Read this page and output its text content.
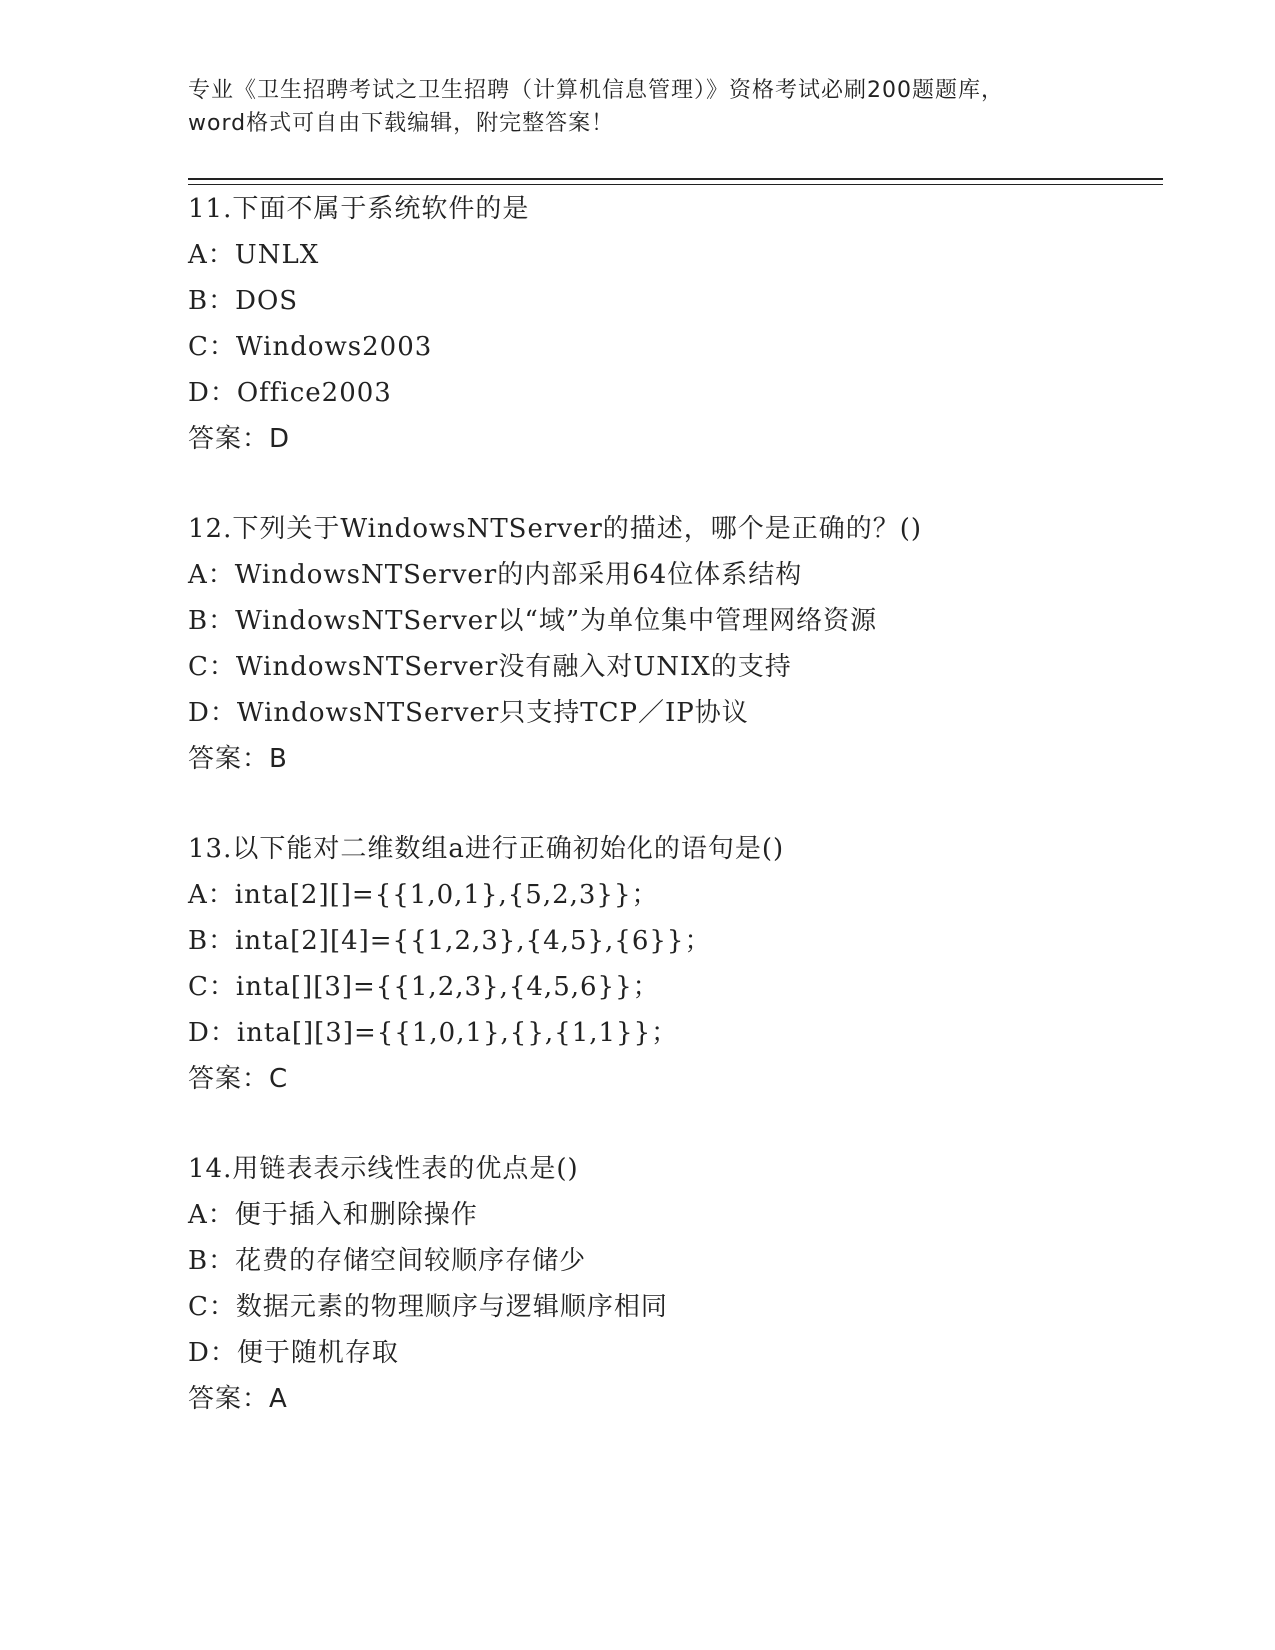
专业《卫生招聘考试之卫生招聘（计算机信息管理）》资格考试必刷200题题库，
word格式可自由下载编辑，附完整答案！
11.下面不属于系统软件的是
A：UNLX
B：DOS
C：Windows2003
D：Office2003
答案：D
12.下列关于WindowsNTServer的描述，哪个是正确的？()
A：WindowsNTServer的内部采用64位体系结构
B：WindowsNTServer以“域”为单位集中管理网络资源
C：WindowsNTServer没有融入对UNIX的支持
D：WindowsNTServer只支持TCP／IP协议
答案：B
13.以下能对二维数组a进行正确初始化的语句是()
A：inta[2][]={{1,0,1},{5,2,3}}；
B：inta[2][4]={{1,2,3},{4,5},{6}}；
C：inta[][3]={{1,2,3},{4,5,6}}；
D：inta[][3]={{1,0,1},{},{1,1}}；
答案：C
14.用链表表示线性表的优点是()
A：便于插入和删除操作
B：花费的存储空间较顺序存储少
C：数据元素的物理顺序与逻辑顺序相同
D：便于随机存取
答案：A
